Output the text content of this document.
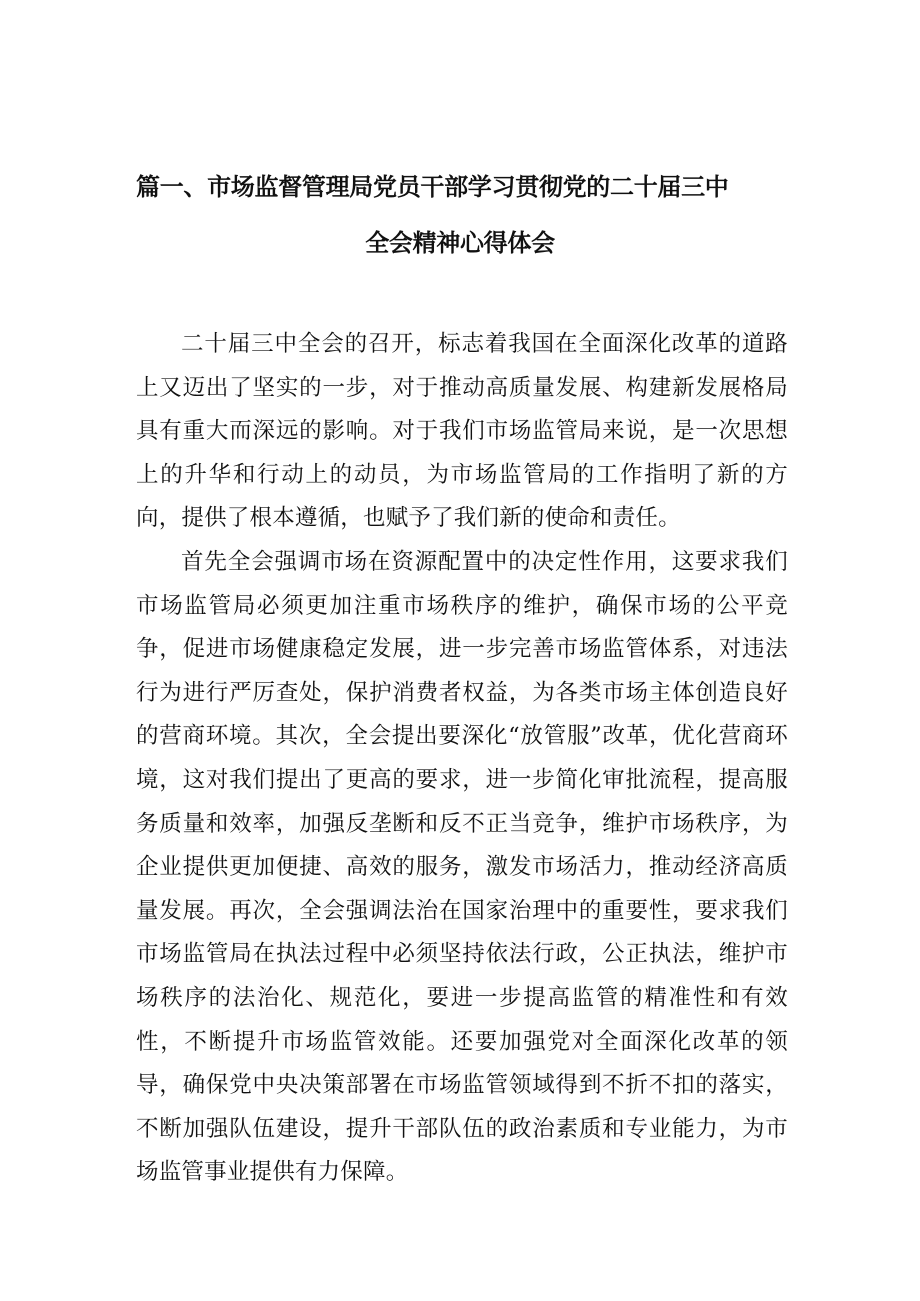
篇一、市场监督管理局党员干部学习贯彻党的二十届三中
全会精神心得体会

二十届三中全会的召开，标志着我国在全面深化改革的道路上又迈出了坚实的一步，对于推动高质量发展、构建新发展格局具有重大而深远的影响。对于我们市场监管局来说，是一次思想上的升华和行动上的动员，为市场监管局的工作指明了新的方向，提供了根本遵循，也赋予了我们新的使命和责任。

首先全会强调市场在资源配置中的决定性作用，这要求我们市场监管局必须更加注重市场秩序的维护，确保市场的公平竞争，促进市场健康稳定发展，进一步完善市场监管体系，对违法行为进行严厉查处，保护消费者权益，为各类市场主体创造良好的营商环境。其次，全会提出要深化“放管服”改革，优化营商环境，这对我们提出了更高的要求，进一步简化审批流程，提高服务质量和效率，加强反垄断和反不正当竞争，维护市场秩序，为企业提供更加便捷、高效的服务，激发市场活力，推动经济高质量发展。再次，全会强调法治在国家治理中的重要性，要求我们市场监管局在执法过程中必须坚持依法行政，公正执法，维护市场秩序的法治化、规范化，要进一步提高监管的精准性和有效性，不断提升市场监管效能。还要加强党对全面深化改革的领导，确保党中央决策部署在市场监管领域得到不折不扣的落实，不断加强队伍建设，提升干部队伍的政治素质和专业能力，为市场监管事业提供有力保障。
